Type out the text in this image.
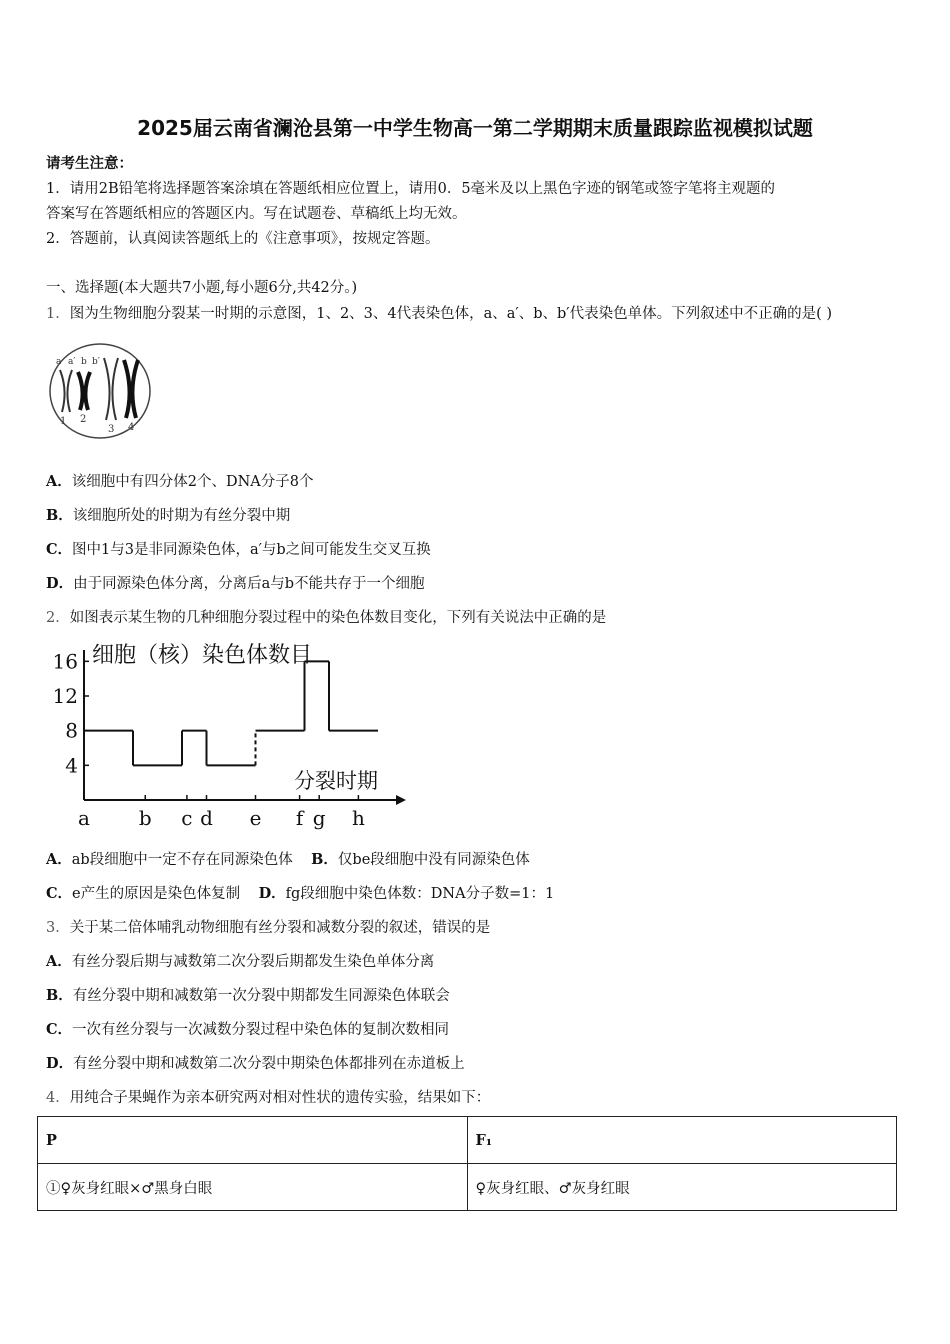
2025届云南省澜沧县第一中学生物高一第二学期期末质量跟踪监视模拟试题
请考生注意：
1．请用2B铅笔将选择题答案涂填在答题纸相应位置上，请用0．5毫米及以上黑色字迹的钢笔或签字笔将主观题的
答案写在答题纸相应的答题区内。写在试题卷、草稿纸上均无效。
2．答题前，认真阅读答题纸上的《注意事项》，按规定答题。
一、选择题(本大题共7小题,每小题6分,共42分。)
1．图为生物细胞分裂某一时期的示意图，1、2、3、4代表染色体，a、a′、b、b′代表染色单体。下列叙述中不正确的是( )
a a′ b b′
1 2
3 4
A．该细胞中有四分体2个、DNA分子8个
B．该细胞所处的时期为有丝分裂中期
C．图中1与3是非同源染色体，a′与b之间可能发生交叉互换
D．由于同源染色体分离，分离后a与b不能共存于一个细胞
2．如图表示某生物的几种细胞分裂过程中的染色体数目变化，下列有关说法中正确的是
4
8
12
16
a b c d e f g h
细胞（核）染色体数目
分裂时期
A．ab段细胞中一定不存在同源染色体 B．仅be段细胞中没有同源染色体
C．e产生的原因是染色体复制 D．fg段细胞中染色体数：DNA分子数=1：1
3．关于某二倍体哺乳动物细胞有丝分裂和减数分裂的叙述，错误的是
A．有丝分裂后期与减数第二次分裂后期都发生染色单体分离
B．有丝分裂中期和减数第一次分裂中期都发生同源染色体联会
C．一次有丝分裂与一次减数分裂过程中染色体的复制次数相同
D．有丝分裂中期和减数第二次分裂中期染色体都排列在赤道板上
4．用纯合子果蝇作为亲本研究两对相对性状的遗传实验，结果如下：
P	F₁
①♀灰身红眼×♂黑身白眼	♀灰身红眼、♂灰身红眼
